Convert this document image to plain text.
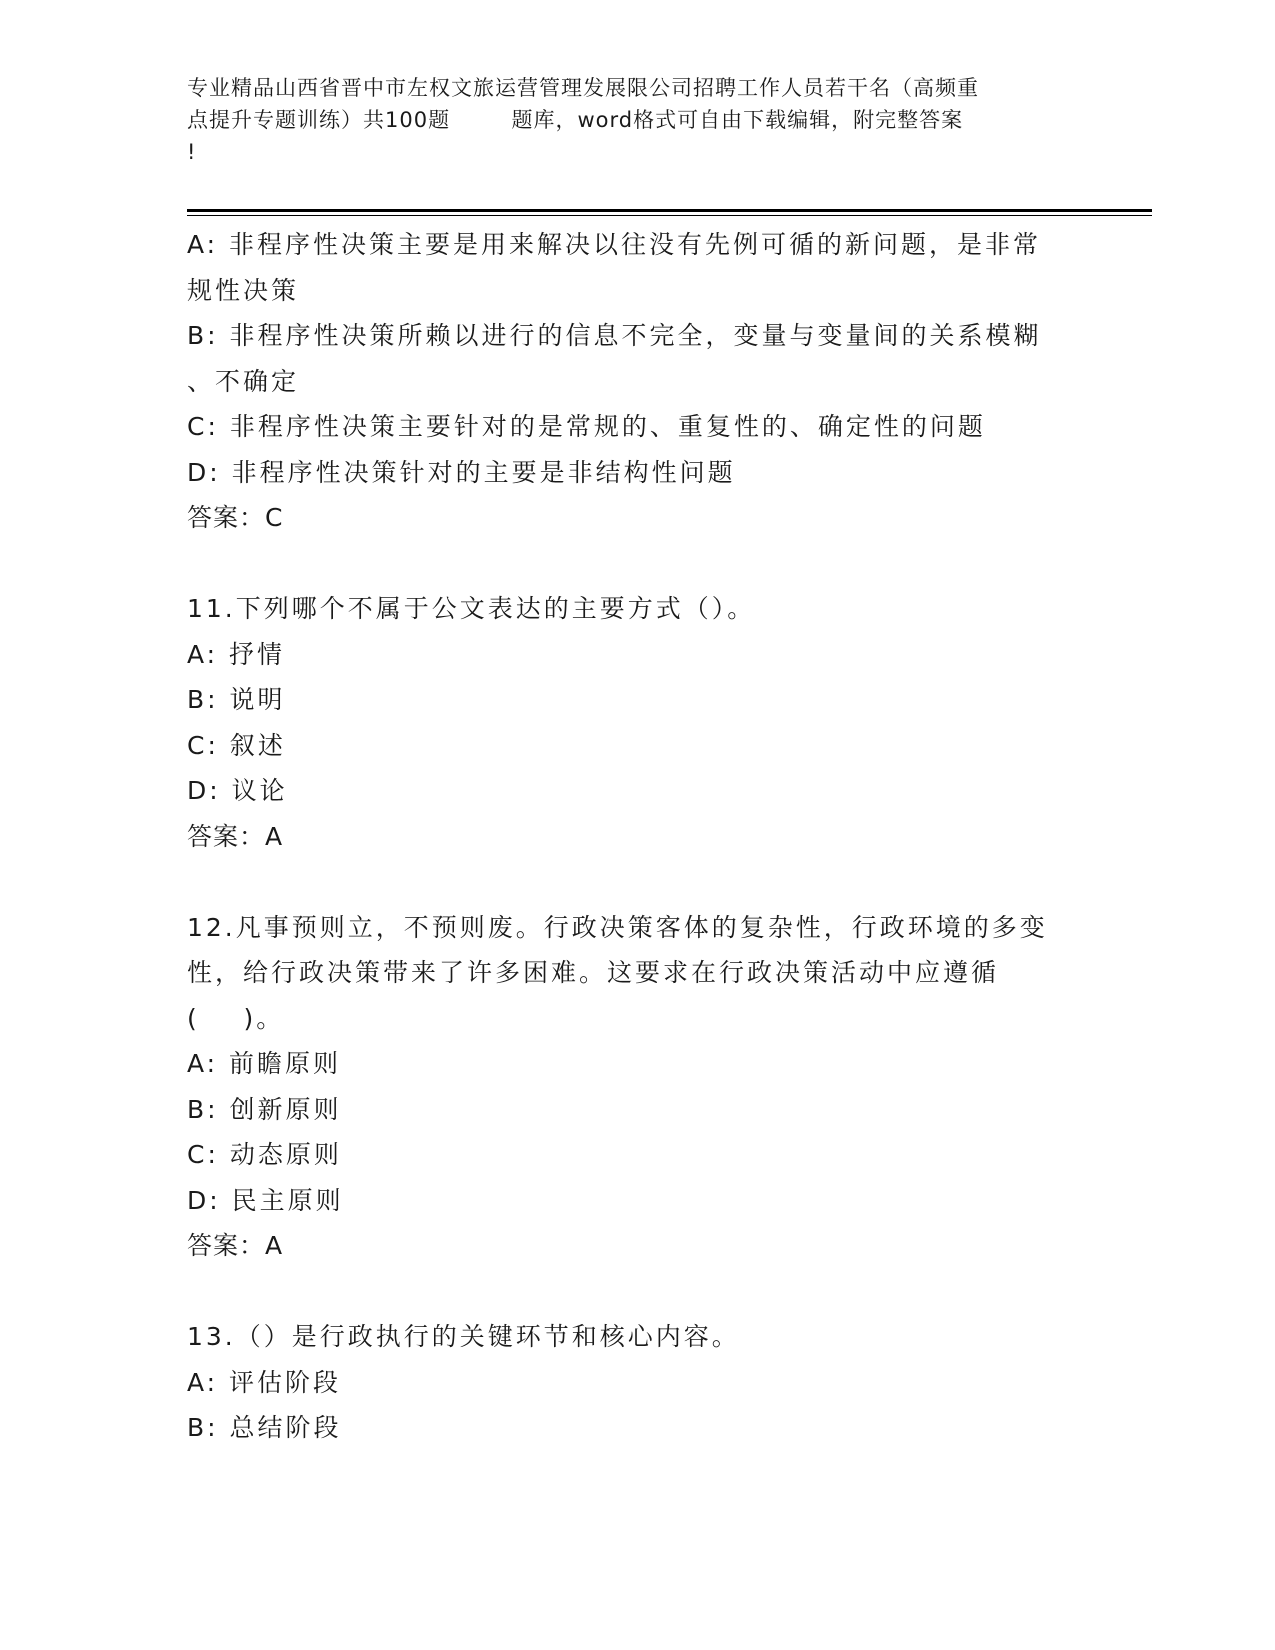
专业精品山西省晋中市左权文旅运营管理发展限公司招聘工作人员若干名（高频重
点提升专题训练）共100题        题库，word格式可自由下载编辑，附完整答案
!
A: 非程序性决策主要是用来解决以往没有先例可循的新问题，是非常
规性决策
B: 非程序性决策所赖以进行的信息不完全，变量与变量间的关系模糊
、不确定
C: 非程序性决策主要针对的是常规的、重复性的、确定性的问题
D: 非程序性决策针对的主要是非结构性问题
答案：C
11.下列哪个不属于公文表达的主要方式（）。
A: 抒情
B: 说明
C: 叙述
D: 议论
答案：A
12.凡事预则立，不预则废。行政决策客体的复杂性，行政环境的多变
性，给行政决策带来了许多困难。这要求在行政决策活动中应遵循
(    )。
A: 前瞻原则
B: 创新原则
C: 动态原则
D: 民主原则
答案：A
13.（）是行政执行的关键环节和核心内容。
A: 评估阶段
B: 总结阶段
